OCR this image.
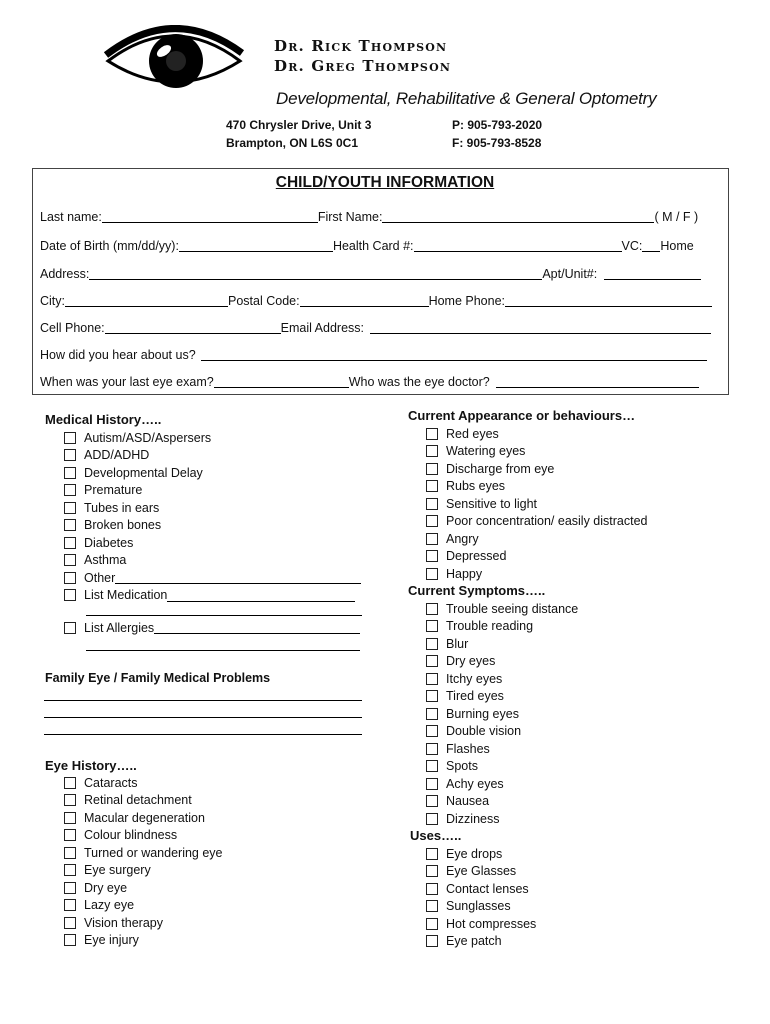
Dr. Rick Thompson
Dr. Greg Thompson
Developmental, Rehabilitative & General Optometry
470 Chrysler Drive, Unit 3
Brampton, ON L6S 0C1
P: 905-793-2020
F: 905-793-8528
CHILD/YOUTH INFORMATION
Last name:	First Name:	( M / F )
Date of Birth (mm/dd/yy):	Health Card #:	VC: Home
Address:	Apt/Unit#:
City:	Postal Code:	Home Phone:
Cell Phone:	Email Address:
How did you hear about us?
When was your last eye exam?	Who was the eye doctor?
Medical History…..
Autism/ASD/Aspersers
ADD/ADHD
Developmental Delay
Premature
Tubes in ears
Broken bones
Diabetes
Asthma
Other
List Medication
List Allergies
Family Eye / Family Medical Problems
Eye History…..
Cataracts
Retinal detachment
Macular degeneration
Colour blindness
Turned or wandering eye
Eye surgery
Dry eye
Lazy eye
Vision therapy
Eye injury
Current Appearance or behaviours…
Red eyes
Watering eyes
Discharge from eye
Rubs eyes
Sensitive to light
Poor concentration/ easily distracted
Angry
Depressed
Happy
Current Symptoms…..
Trouble seeing distance
Trouble reading
Blur
Dry eyes
Itchy eyes
Tired eyes
Burning eyes
Double vision
Flashes
Spots
Achy eyes
Nausea
Dizziness
Uses…..
Eye drops
Eye Glasses
Contact lenses
Sunglasses
Hot compresses
Eye patch
